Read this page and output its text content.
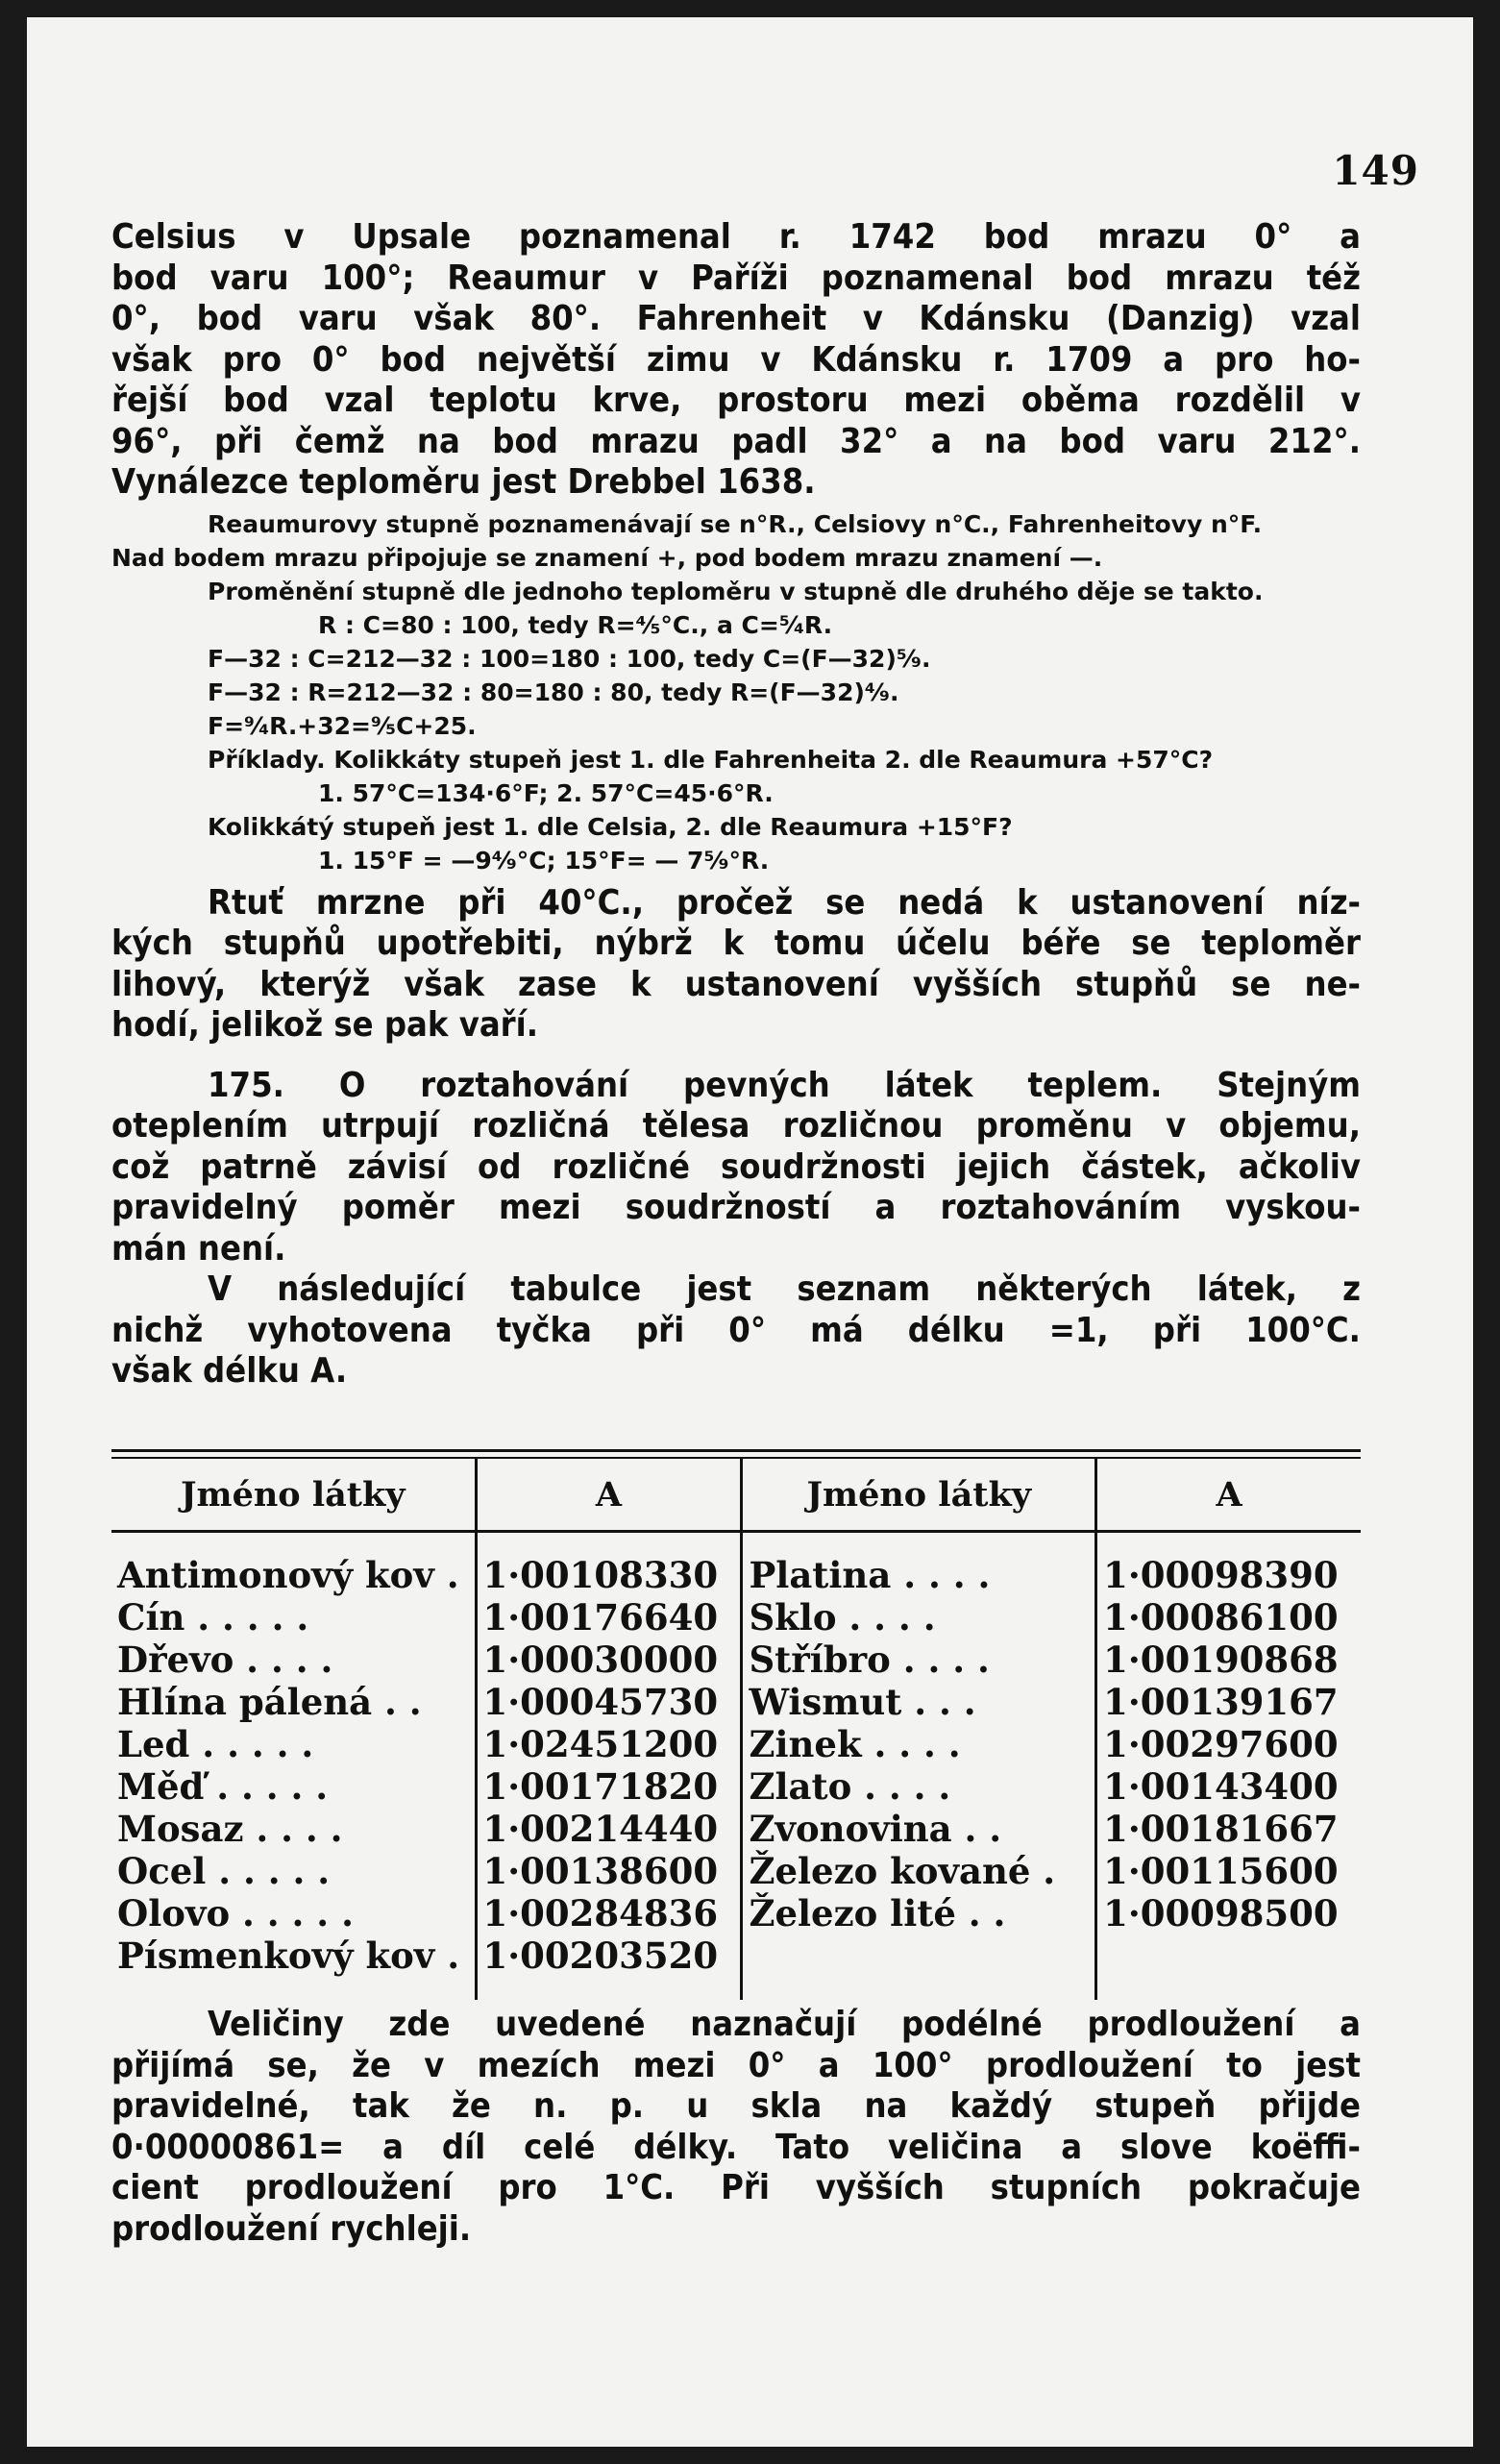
149

Celsius v Upsale poznamenal r. 1742 bod mrazu 0° a
bod varu 100°; Reaumur v Paříži poznamenal bod mrazu též
0°, bod varu však 80°. Fahrenheit v Kdánsku (Danzig) vzal
však pro 0° bod největší zimu v Kdánsku r. 1709 a pro ho-
řejší bod vzal teplotu krve, prostoru mezi oběma rozdělil v
96°, při čemž na bod mrazu padl 32° a na bod varu 212°.
Vynálezce teploměru jest Drebbel 1638.

Reaumurovy stupně poznamenávají se n°R., Celsiovy n°C., Fahrenheitovy n°F.
Nad bodem mrazu připojuje se znamení +, pod bodem mrazu znamení —.
Proměnění stupně dle jednoho teploměru v stupně dle druhého děje se takto.
R : C=80 : 100, tedy R=⅘°C., a C=⁵⁄₄R.
F—32 : C=212—32 : 100=180 : 100, tedy C=(F—32)⁵⁄₉.
F—32 : R=212—32 : 80=180 : 80, tedy R=(F—32)⁴⁄₉.
F=⁹⁄₄R.+32=⁹⁄₅C+25.
Příklady. Kolikkáty stupeň jest 1. dle Fahrenheita 2. dle Reaumura +57°C?
1. 57°C=134·6°F; 2. 57°C=45·6°R.
Kolikkátý stupeň jest 1. dle Celsia, 2. dle Reaumura +15°F?
1. 15°F = —9⁴⁄₉°C; 15°F= — 7⁵⁄₉°R.

Rtuť mrzne při 40°C., pročež se nedá k ustanovení níz-
kých stupňů upotřebiti, nýbrž k tomu účelu béře se teploměr
lihový, kterýž však zase k ustanovení vyšších stupňů se ne-
hodí, jelikož se pak vaří.

175. O roztahování pevných látek teplem. Stejným
oteplením utrpují rozličná tělesa rozličnou proměnu v objemu,
což patrně závisí od rozličné soudržnosti jejich částek, ačkoliv
pravidelný poměr mezi soudržností a roztahováním vyskou-
mán není.

V následující tabulce jest seznam některých látek, z
nichž vyhotovena tyčka při 0° má délku =1, při 100°C.
však délku A.

Jméno látky	A	Jméno látky	A

Antimonový kov .	1·00108330	Platina . . . .	1·00098390
Cín . . . . .	1·00176640	Sklo . . . .	1·00086100
Dřevo . . . .	1·00030000	Stříbro . . . .	1·00190868
Hlína pálená . .	1·00045730	Wismut . . .	1·00139167
Led . . . . .	1·02451200	Zinek . . . .	1·00297600
Měď . . . . .	1·00171820	Zlato . . . .	1·00143400
Mosaz . . . .	1·00214440	Zvonovina . .	1·00181667
Ocel . . . . .	1·00138600	Železo kované .	1·00115600
Olovo . . . . .	1·00284836	Železo lité . .	1·00098500
Písmenkový kov .	1·00203520		

Veličiny zde uvedené naznačují podélné prodloužení a
přijímá se, že v mezích mezi 0° a 100° prodloužení to jest
pravidelné, tak že n. p. u skla na každý stupeň přijde
0·00000861= a díl celé délky. Tato veličina a slove koëffi-
cient prodloužení pro 1°C. Při vyšších stupních pokračuje
prodloužení rychleji.
